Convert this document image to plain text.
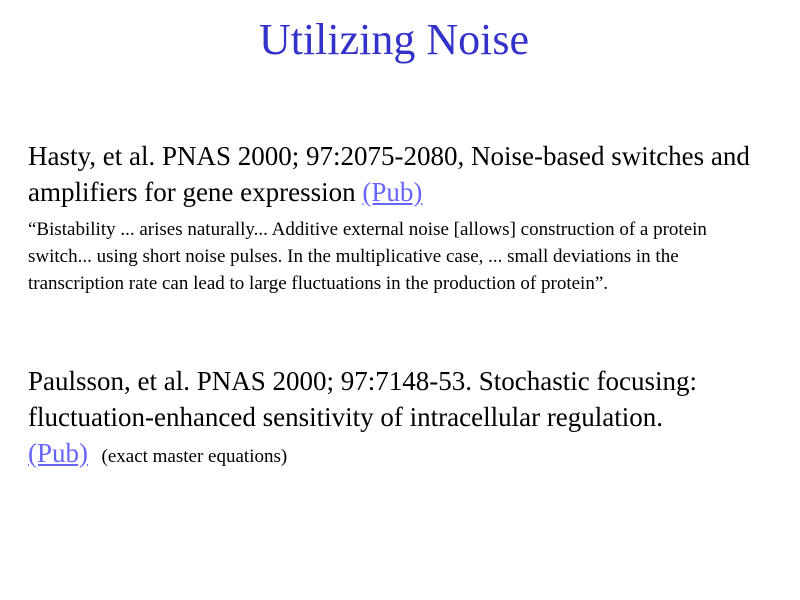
Utilizing Noise

Hasty, et al. PNAS 2000; 97:2075-2080, Noise-based switches and amplifiers for gene expression (Pub)

“Bistability ... arises naturally... Additive external noise [allows] construction of a protein switch... using short noise pulses. In the multiplicative case, ... small deviations in the transcription rate can lead to large fluctuations in the production of protein”.

Paulsson, et al. PNAS 2000; 97:7148-53. Stochastic focusing: fluctuation-enhanced sensitivity of intracellular regulation. (Pub) (exact master equations)
